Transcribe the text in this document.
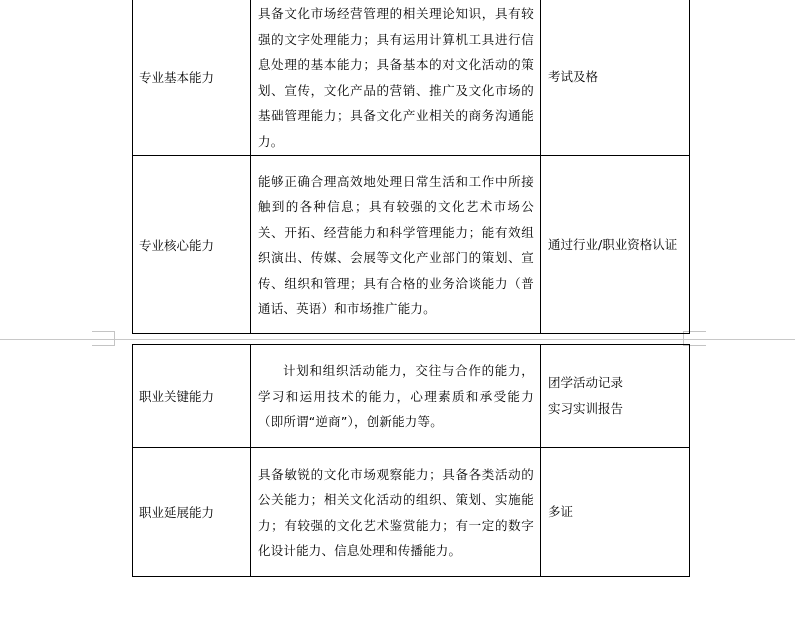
专业基本能力	具备文化市场经营管理的相关理论知识，具有较强的文字处理能力；具有运用计算机工具进行信息处理的基本能力；具备基本的对文化活动的策划、宣传，文化产品的营销、推广及文化市场的基础管理能力；具备文化产业相关的商务沟通能力。	考试及格

专业核心能力	能够正确合理高效地处理日常生活和工作中所接触到的各种信息；具有较强的文化艺术市场公关、开拓、经营能力和科学管理能力；能有效组织演出、传媒、会展等文化产业部门的策划、宣传、组织和管理；具有合格的业务洽谈能力（普通话、英语）和市场推广能力。	通过行业/职业资格认证
职业关键能力	计划和组织活动能力，交往与合作的能力，学习和运用技术的能力，心理素质和承受能力（即所谓“逆商”），创新能力等。	团学活动记录
实习实训报告

职业延展能力	具备敏锐的文化市场观察能力；具备各类活动的公关能力；相关文化活动的组织、策划、实施能力；有较强的文化艺术鉴赏能力；有一定的数字化设计能力、信息处理和传播能力。	多证
